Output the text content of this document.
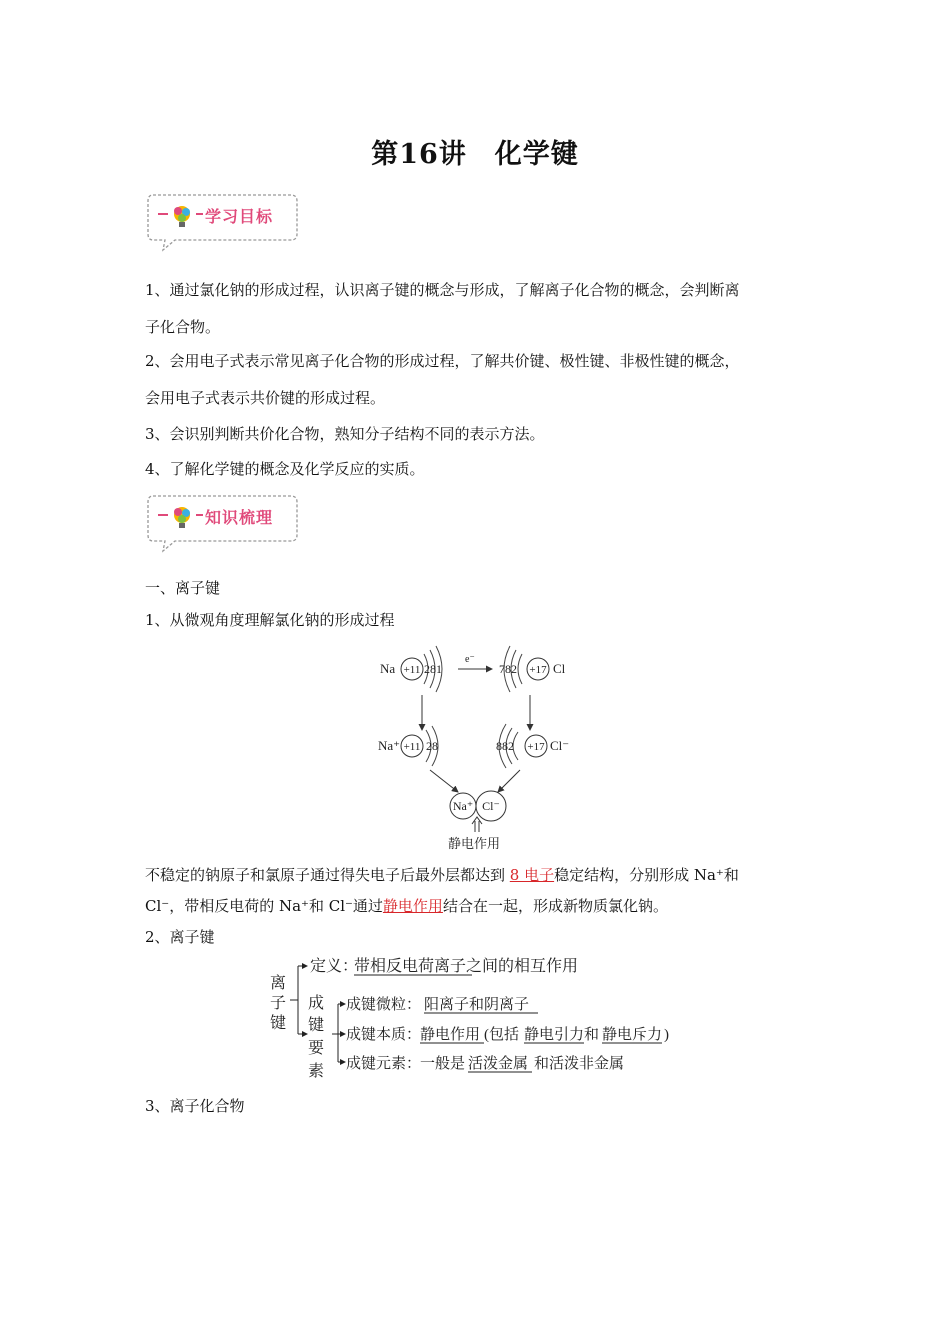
第16讲　化学键
学习目标
1、通过氯化钠的形成过程，认识离子键的概念与形成，了解离子化合物的概念，会判断离
子化合物。
2、会用电子式表示常见离子化合物的形成过程，了解共价键、极性键、非极性键的概念，
会用电子式表示共价键的形成过程。
3、会识别判断共价化合物，熟知分子结构不同的表示方法。
4、了解化学键的概念及化学反应的实质。
知识梳理
一、离子键
1、从微观角度理解氯化钠的形成过程
Na +11 281
e⁻
782 +17 Cl
Na⁺ +11 28	882 +17 Cl⁻
Na⁺ Cl⁻
静电作用
不稳定的钠原子和氯原子通过得失电子后最外层都达到 8 电子稳定结构，分别形成 Na⁺和
Cl⁻，带相反电荷的 Na⁺和 Cl⁻通过静电作用结合在一起，形成新物质氯化钠。
2、离子键
离
子
键
定义：
带相反电荷离子之间的相互作用
成
键
要
素
成键微粒： 阳离子和阴离子
成键本质：
静电作用 (包括 静电引力 和 静电斥力 )
成键元素：
一般是 活泼金属 和活泼非金属
3、离子化合物
